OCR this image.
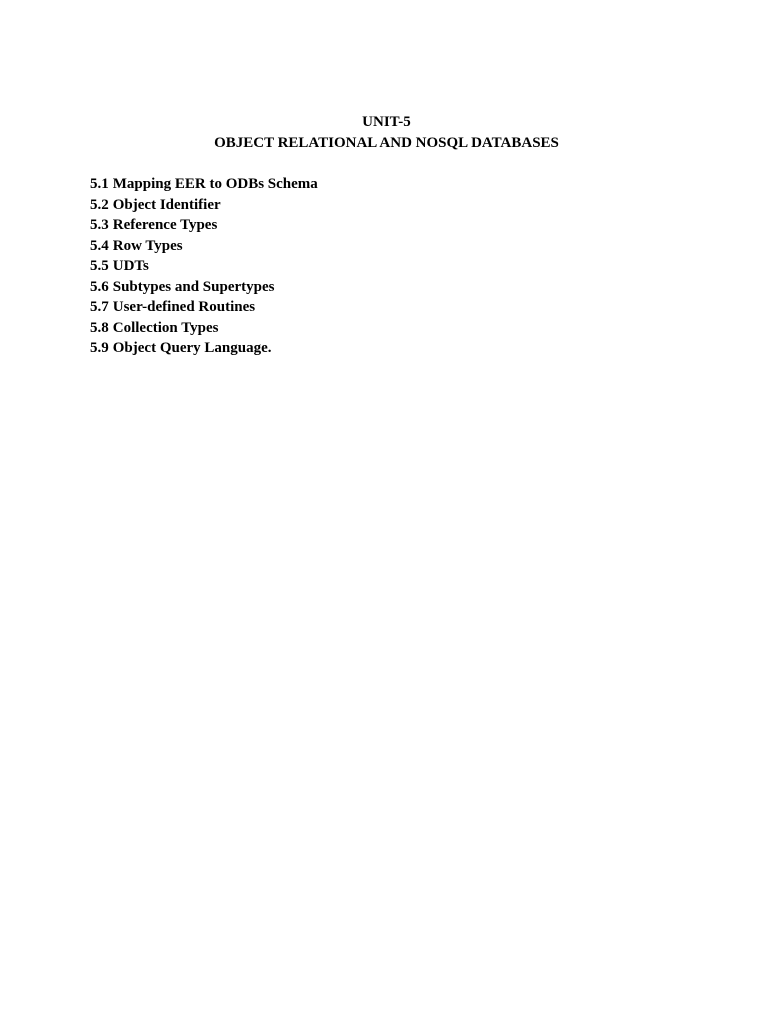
UNIT-5
OBJECT RELATIONAL AND NOSQL DATABASES
5.1 Mapping EER to ODBs Schema
5.2 Object Identifier
5.3 Reference Types
5.4 Row Types
5.5 UDTs
5.6 Subtypes and Supertypes
5.7 User-defined Routines
5.8 Collection Types
5.9 Object Query Language.
